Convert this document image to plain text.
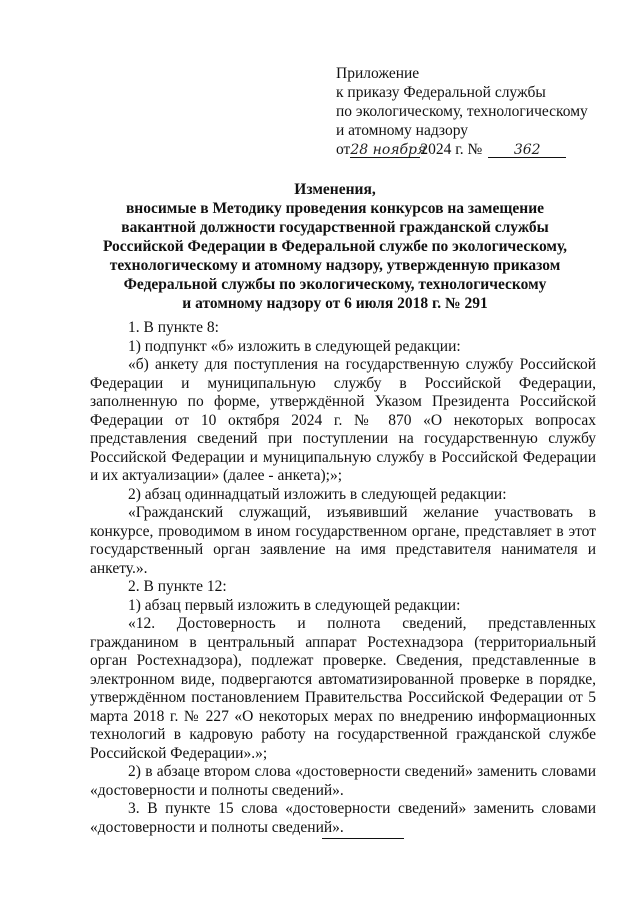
Приложение
к приказу Федеральной службы
по экологическому, технологическому
и атомному надзору
от28 ноября2024 г. № 362
Изменения,
вносимые в Методику проведения конкурсов на замещение
вакантной должности государственной гражданской службы
Российской Федерации в Федеральной службе по экологическому,
технологическому и атомному надзору, утвержденную приказом
Федеральной службы по экологическому, технологическому
и атомному надзору от 6 июля 2018 г. № 291

1. В пункте 8:

1) подпункт «б» изложить в следующей редакции:

«б) анкету для поступления на государственную службу Российской Федерации и муниципальную службу в Российской Федерации, заполненную по форме, утверждённой Указом Президента Российской Федерации от 10 октября 2024 г. № 870 «О некоторых вопросах представления сведений при поступлении на государственную службу Российской Федерации и муниципальную службу в Российской Федерации и их актуализации» (далее - анкета);»;

2) абзац одиннадцатый изложить в следующей редакции:

«Гражданский служащий, изъявивший желание участвовать в конкурсе, проводимом в ином государственном органе, представляет в этот государственный орган заявление на имя представителя нанимателя и анкету.».

2. В пункте 12:

1) абзац первый изложить в следующей редакции:

«12. Достоверность и полнота сведений, представленных гражданином в центральный аппарат Ростехнадзора (территориальный орган Ростехнадзора), подлежат проверке. Сведения, представленные в электронном виде, подвергаются автоматизированной проверке в порядке, утверждённом постановлением Правительства Российской Федерации от 5 марта 2018 г. № 227 «О некоторых мерах по внедрению информационных технологий в кадровую работу на государственной гражданской службе Российской Федерации».»;

2) в абзаце втором слова «достоверности сведений» заменить словами «достоверности и полноты сведений».

3. В пункте 15 слова «достоверности сведений» заменить словами «достоверности и полноты сведений».
